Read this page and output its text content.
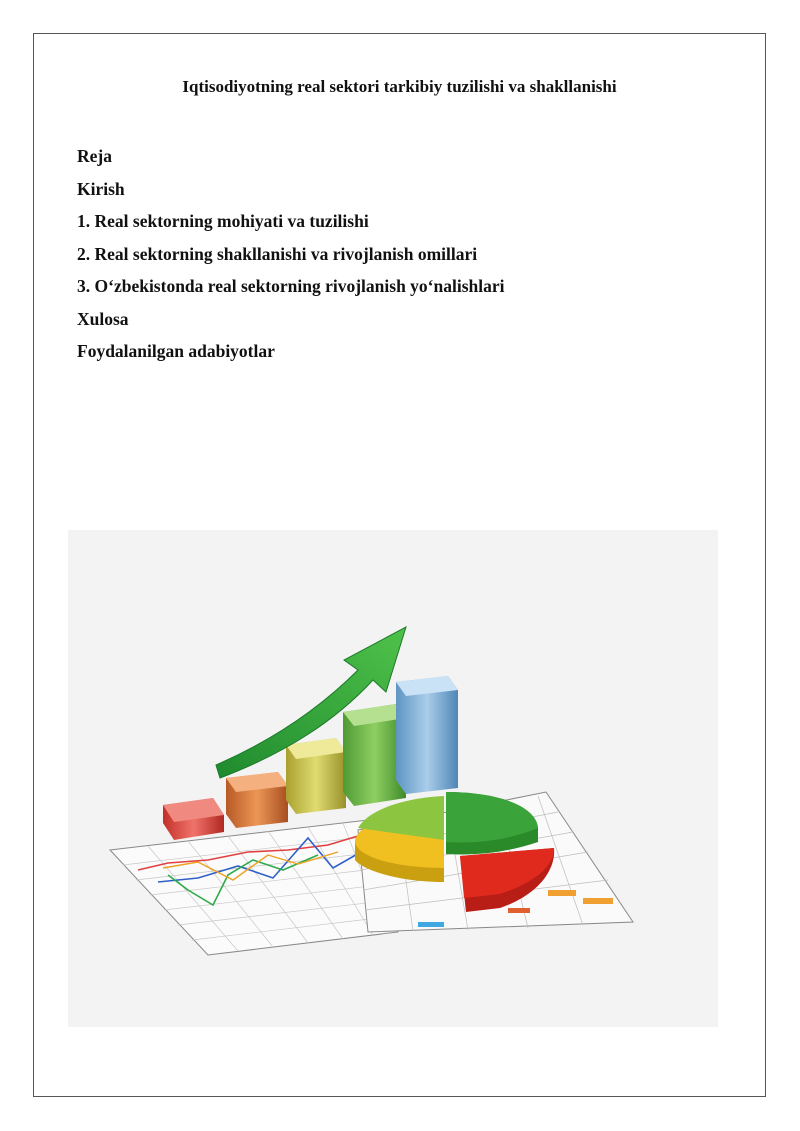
Iqtisodiyotning real sektori tarkibiy tuzilishi va shakllanishi
Reja
Kirish
1. Real sektorning mohiyati va tuzilishi
2. Real sektorning shakllanishi va rivojlanish omillari
3. O‘zbekistonda real sektorning rivojlanish yo‘nalishlari
Xulosa
Foydalanilgan adabiyotlar
